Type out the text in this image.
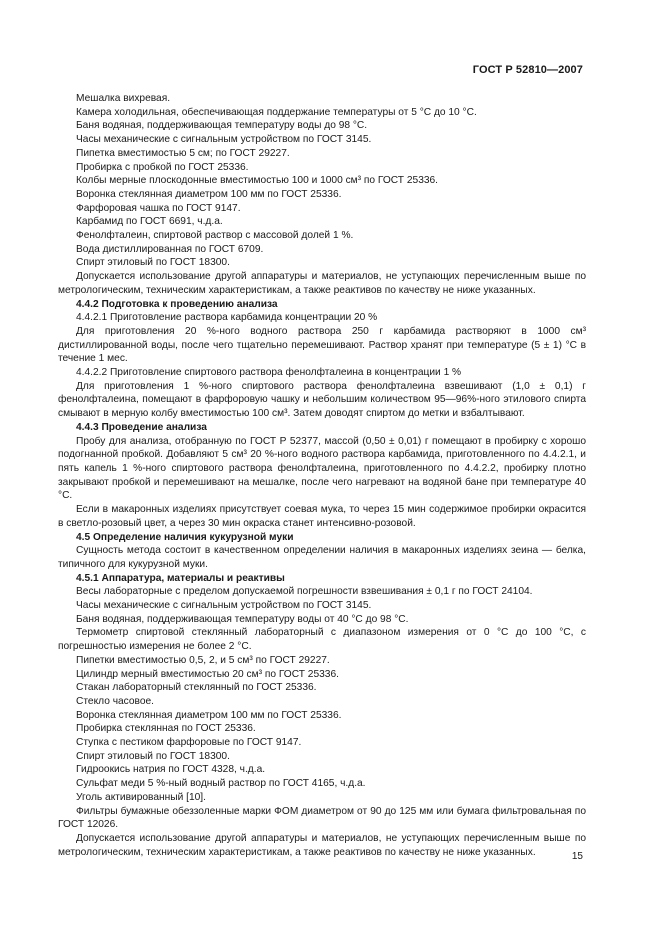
ГОСТ Р 52810—2007

Мешалка вихревая.

Камера холодильная, обеспечивающая поддержание температуры от 5 °С до 10 °С.

Баня водяная, поддерживающая температуру воды до 98 °С.

Часы механические с сигнальным устройством по ГОСТ 3145.

Пипетка вместимостью 5 см; по ГОСТ 29227.

Пробирка с пробкой по ГОСТ 25336.

Колбы мерные плоскодонные вместимостью 100 и 1000 см³ по ГОСТ 25336.

Воронка стеклянная диаметром 100 мм по ГОСТ 25336.

Фарфоровая чашка по ГОСТ 9147.

Карбамид по ГОСТ 6691, ч.д.а.

Фенолфталеин, спиртовой раствор с массовой долей 1 %.

Вода дистиллированная по ГОСТ 6709.

Спирт этиловый по ГОСТ 18300.

Допускается использование другой аппаратуры и материалов, не уступающих перечисленным выше по метрологическим, техническим характеристикам, а также реактивов по качеству не ниже указанных.

4.4.2 Подготовка к проведению анализа

4.4.2.1 Приготовление раствора карбамида концентрации 20 %

Для приготовления 20 %-ного водного раствора 250 г карбамида растворяют в 1000 см³ дистиллированной воды, после чего тщательно перемешивают. Раствор хранят при температуре (5 ± 1) °С в течение 1 мес.

4.4.2.2 Приготовление спиртового раствора фенолфталеина в концентрации 1 %

Для приготовления 1 %-ного спиртового раствора фенолфталеина взвешивают (1,0 ± 0,1) г фенолфталеина, помещают в фарфоровую чашку и небольшим количеством 95—96%-ного этилового спирта смывают в мерную колбу вместимостью 100 см³. Затем доводят спиртом до метки и взбалтывают.

4.4.3 Проведение анализа

Пробу для анализа, отобранную по ГОСТ Р 52377, массой (0,50 ± 0,01) г помещают в пробирку с хорошо подогнанной пробкой. Добавляют 5 см³ 20 %-ного водного раствора карбамида, приготовленного по 4.4.2.1, и пять капель 1 %-ного спиртового раствора фенолфталеина, приготовленного по 4.4.2.2, пробирку плотно закрывают пробкой и перемешивают на мешалке, после чего нагревают на водяной бане при температуре 40 °С.

Если в макаронных изделиях присутствует соевая мука, то через 15 мин содержимое пробирки окрасится в светло-розовый цвет, а через 30 мин окраска станет интенсивно-розовой.

4.5 Определение наличия кукурузной муки

Сущность метода состоит в качественном определении наличия в макаронных изделиях зеина — белка, типичного для кукурузной муки.

4.5.1 Аппаратура, материалы и реактивы

Весы лабораторные с пределом допускаемой погрешности взвешивания ± 0,1 г по ГОСТ 24104.

Часы механические с сигнальным устройством по ГОСТ 3145.

Баня водяная, поддерживающая температуру воды от 40 °С до 98 °С.

Термометр спиртовой стеклянный лабораторный с диапазоном измерения от 0 °С до 100 °С, с погрешностью измерения не более 2 °С.

Пипетки вместимостью 0,5, 2, и 5 см³ по ГОСТ 29227.

Цилиндр мерный вместимостью 20 см³ по ГОСТ 25336.

Стакан лабораторный стеклянный по ГОСТ 25336.

Стекло часовое.

Воронка стеклянная диаметром 100 мм по ГОСТ 25336.

Пробирка стеклянная по ГОСТ 25336.

Ступка с пестиком фарфоровые по ГОСТ 9147.

Спирт этиловый по ГОСТ 18300.

Гидроокись натрия по ГОСТ 4328, ч.д.а.

Сульфат меди 5 %-ный водный раствор по ГОСТ 4165, ч.д.а.

Уголь активированный [10].

Фильтры бумажные обеззоленные марки ФОМ диаметром от 90 до 125 мм или бумага фильтровальная по ГОСТ 12026.

Допускается использование другой аппаратуры и материалов, не уступающих перечисленным выше по метрологическим, техническим характеристикам, а также реактивов по качеству не ниже указанных.	15
